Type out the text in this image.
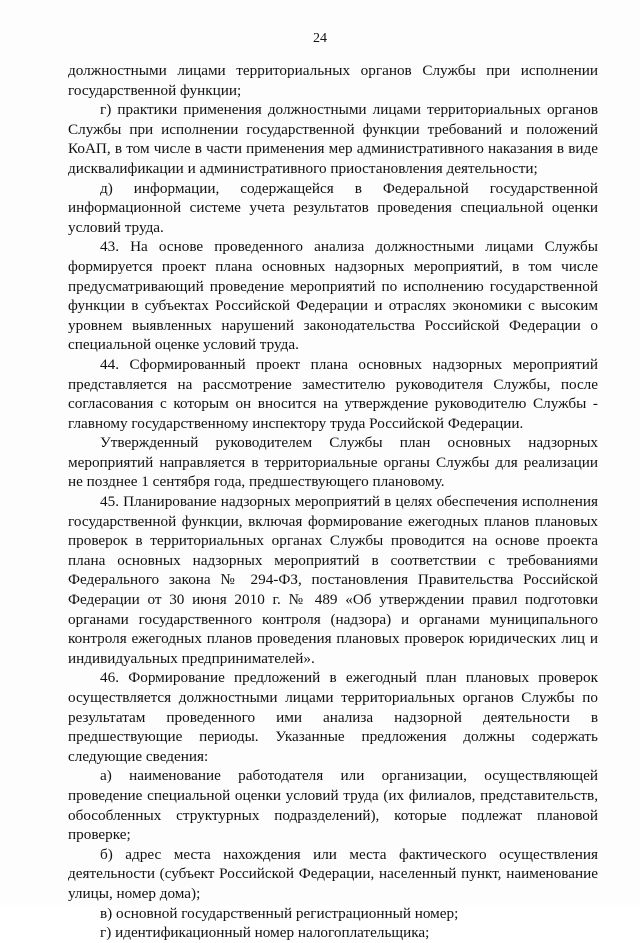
24

должностными лицами территориальных органов Службы при исполнении государственной функции;

г) практики применения должностными лицами территориальных органов Службы при исполнении государственной функции требований и положений КоАП, в том числе в части применения мер административного наказания в виде дисквалификации и административного приостановления деятельности;

д) информации, содержащейся в Федеральной государственной информационной системе учета результатов проведения специальной оценки условий труда.

43. На основе проведенного анализа должностными лицами Службы формируется проект плана основных надзорных мероприятий, в том числе предусматривающий проведение мероприятий по исполнению государственной функции в субъектах Российской Федерации и отраслях экономики с высоким уровнем выявленных нарушений законодательства Российской Федерации о специальной оценке условий труда.

44. Сформированный проект плана основных надзорных мероприятий представляется на рассмотрение заместителю руководителя Службы, после согласования с которым он вносится на утверждение руководителю Службы - главному государственному инспектору труда Российской Федерации.

Утвержденный руководителем Службы план основных надзорных мероприятий направляется в территориальные органы Службы для реализации не позднее 1 сентября года, предшествующего плановому.

45. Планирование надзорных мероприятий в целях обеспечения исполнения государственной функции, включая формирование ежегодных планов плановых проверок в территориальных органах Службы проводится на основе проекта плана основных надзорных мероприятий в соответствии с требованиями Федерального закона № 294-ФЗ, постановления Правительства Российской Федерации от 30 июня 2010 г. № 489 «Об утверждении правил подготовки органами государственного контроля (надзора) и органами муниципального контроля ежегодных планов проведения плановых проверок юридических лиц и индивидуальных предпринимателей».

46. Формирование предложений в ежегодный план плановых проверок осуществляется должностными лицами территориальных органов Службы по результатам проведенного ими анализа надзорной деятельности в предшествующие периоды. Указанные предложения должны содержать следующие сведения:

а) наименование работодателя или организации, осуществляющей проведение специальной оценки условий труда (их филиалов, представительств, обособленных структурных подразделений), которые подлежат плановой проверке;

б) адрес места нахождения или места фактического осуществления деятельности (субъект Российской Федерации, населенный пункт, наименование улицы, номер дома);

в) основной государственный регистрационный номер;

г) идентификационный номер налогоплательщика;
